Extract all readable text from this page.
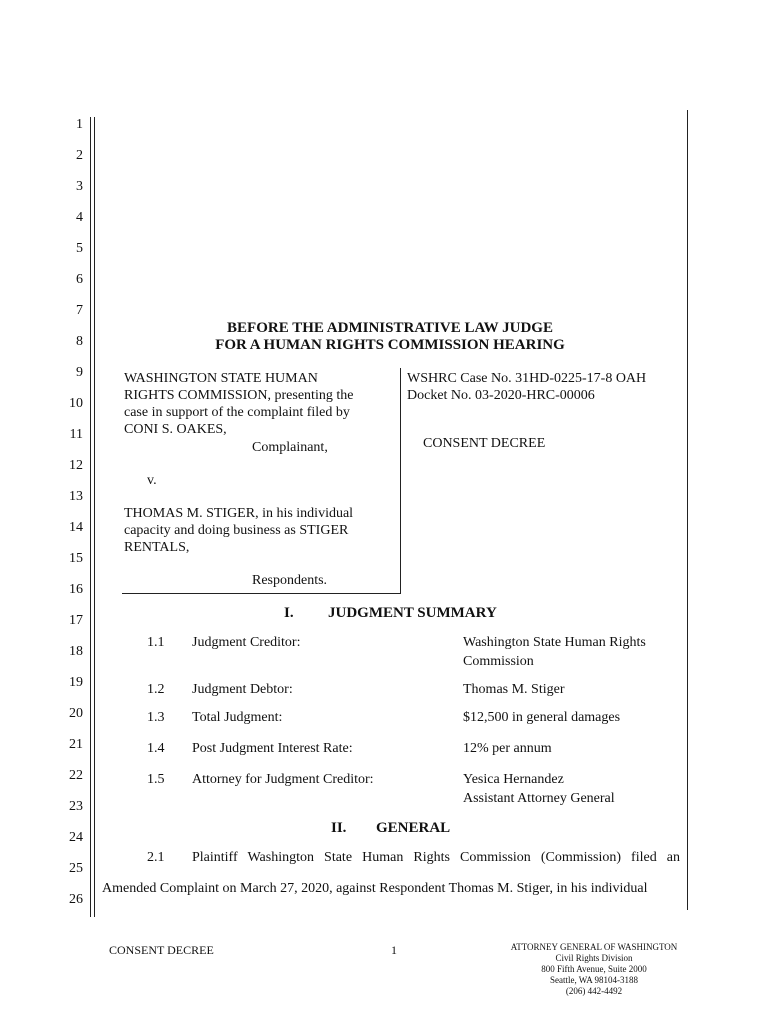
1
2
3
4
5
6
7
8
9
10
11
12
13
14
15
16
17
18
19
20
21
22
23
24
25
26
BEFORE THE ADMINISTRATIVE LAW JUDGE
FOR A HUMAN RIGHTS COMMISSION HEARING
WASHINGTON STATE HUMAN
RIGHTS COMMISSION, presenting the
case in support of the complaint filed by
CONI S. OAKES,
Complainant,
v.
THOMAS M. STIGER, in his individual
capacity and doing business as STIGER
RENTALS,
Respondents.
WSHRC Case No. 31HD-0225-17-8 OAH
Docket No. 03-2020-HRC-00006
CONSENT DECREE
I. JUDGMENT SUMMARY
1.1 Judgment Creditor:	Washington State Human Rights
Commission
1.2 Judgment Debtor:	Thomas M. Stiger
1.3 Total Judgment:	$12,500 in general damages
1.4 Post Judgment Interest Rate:	12% per annum
1.5 Attorney for Judgment Creditor:	Yesica Hernandez
Assistant Attorney General
II. GENERAL
2.1 Plaintiff Washington State Human Rights Commission (Commission) filed an
Amended Complaint on March 27, 2020, against Respondent Thomas M. Stiger, in his individual
CONSENT DECREE	1	ATTORNEY GENERAL OF WASHINGTON
Civil Rights Division
800 Fifth Avenue, Suite 2000
Seattle, WA 98104-3188
(206) 442-4492
